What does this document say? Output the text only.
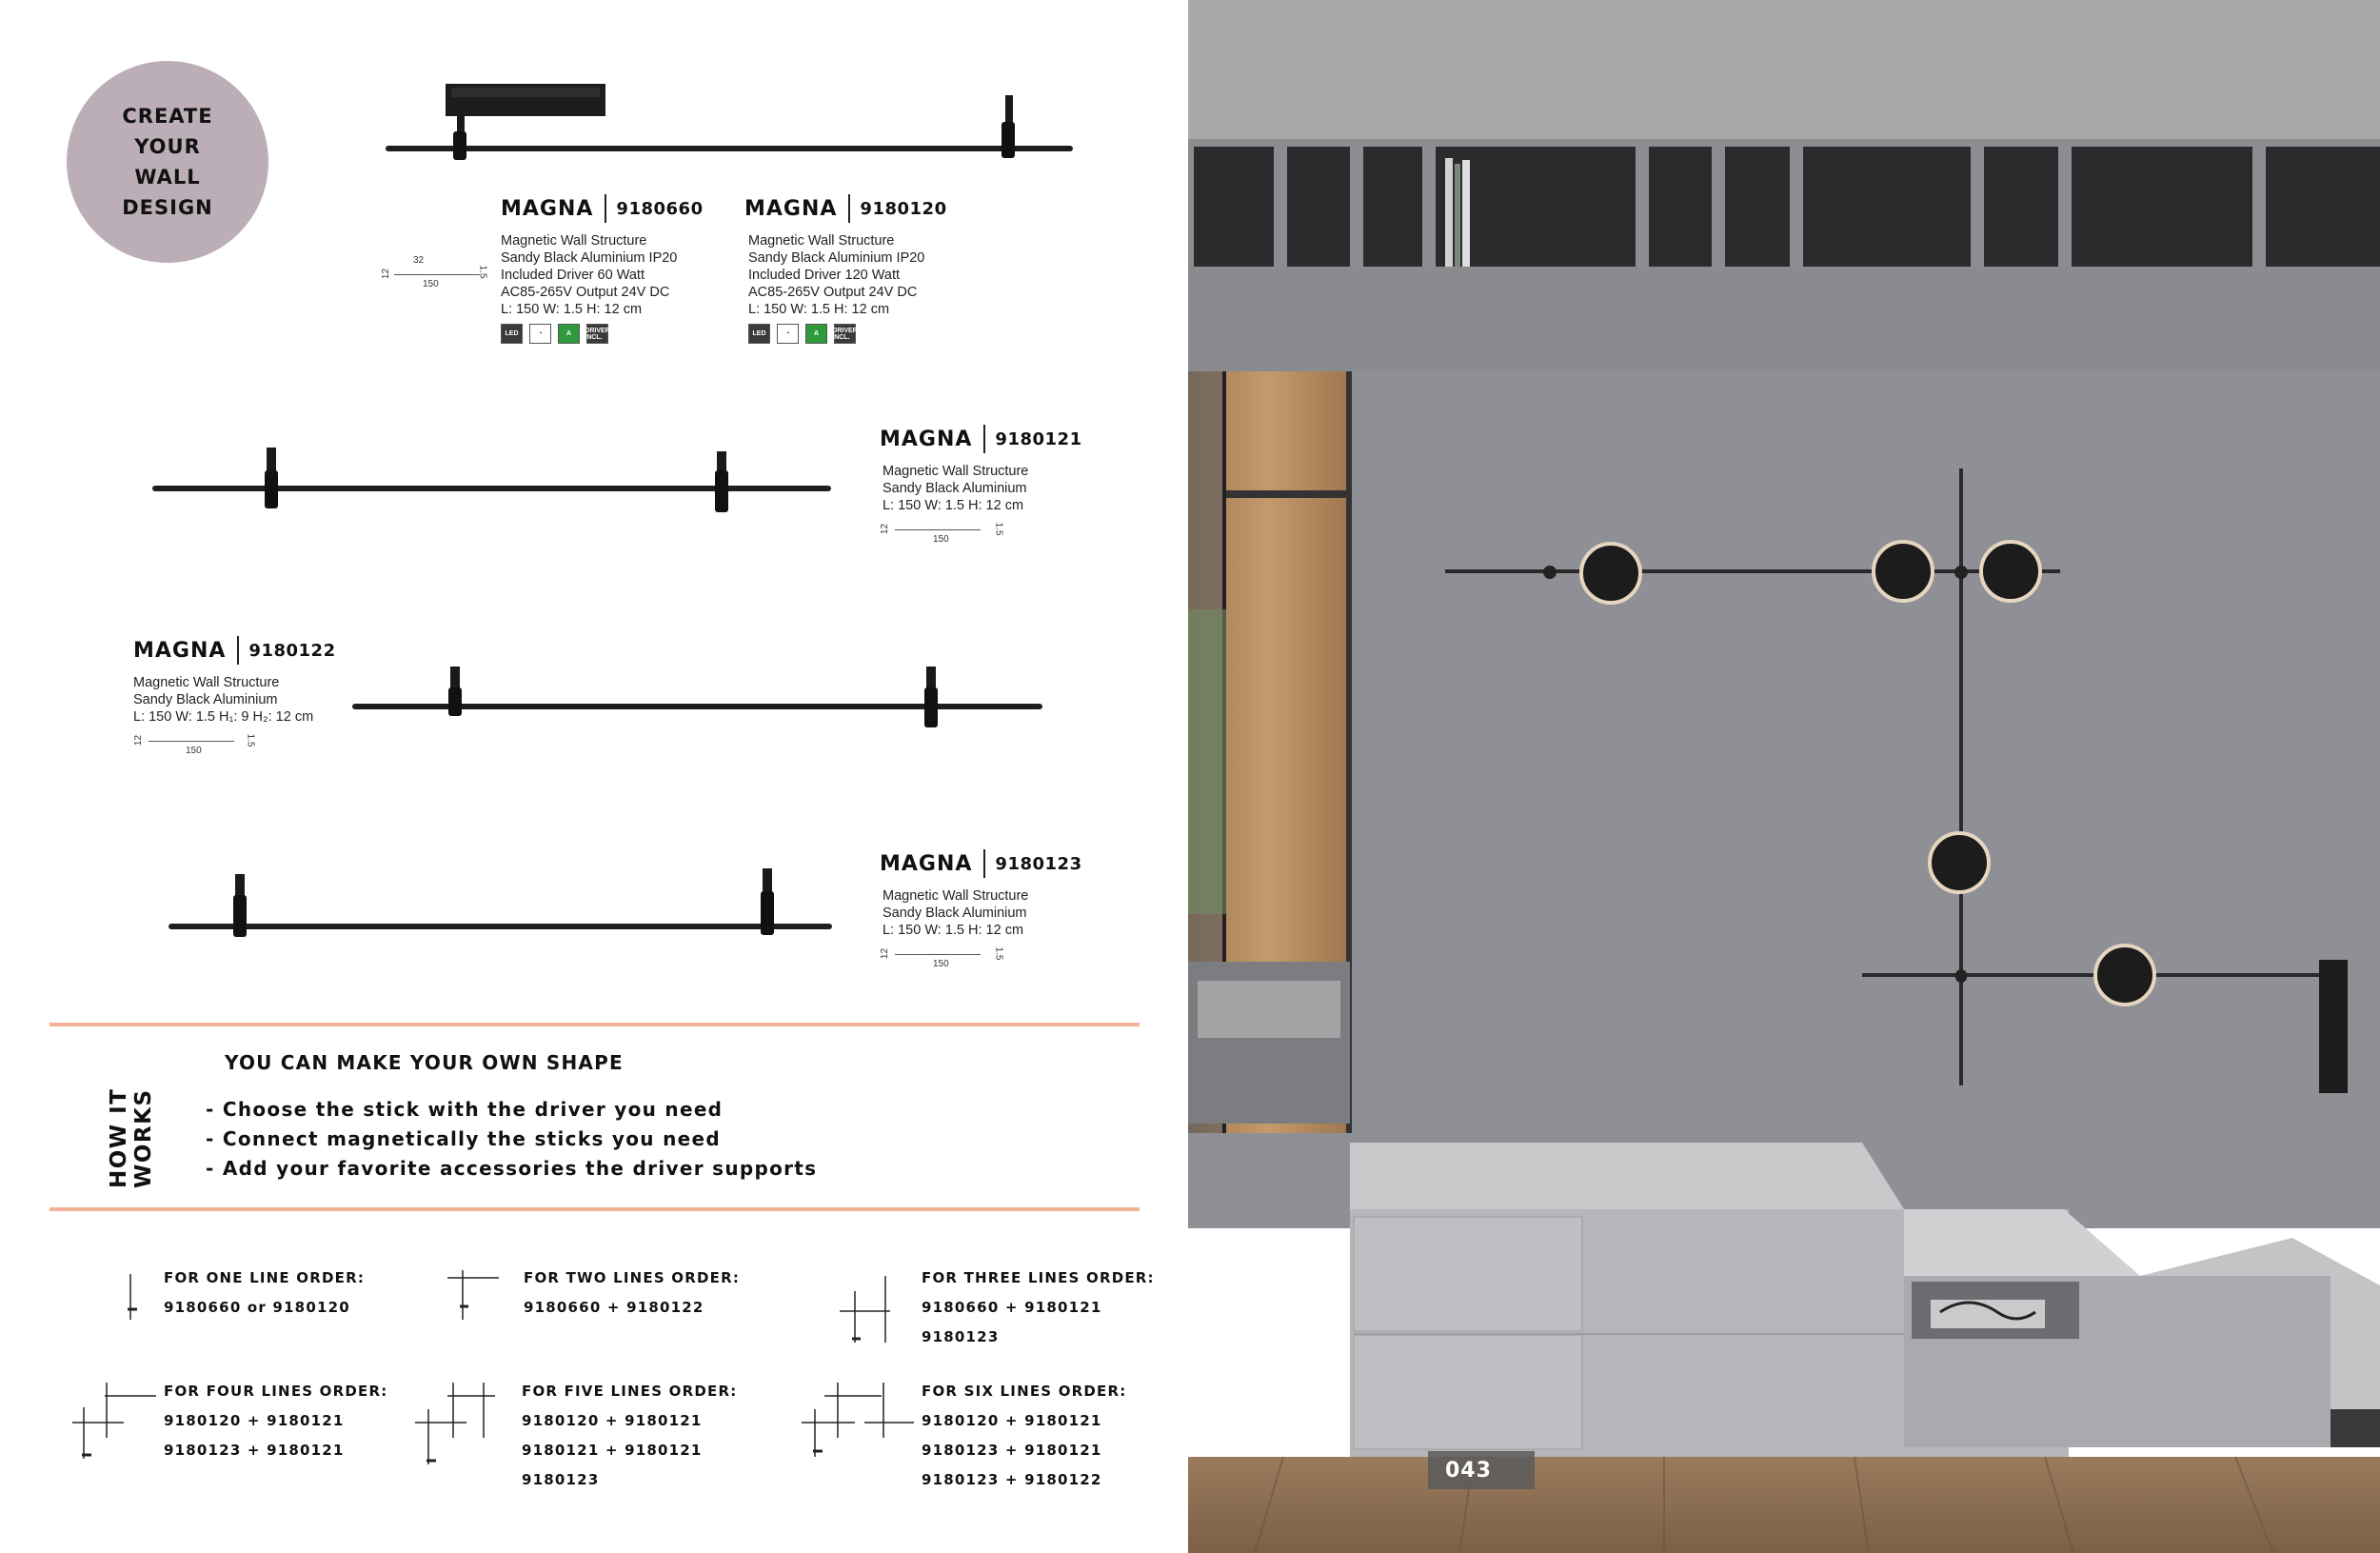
CREATE
YOUR
WALL
DESIGN	MAGNA 9180660
Magnetic Wall Structure
Sandy Black Aluminium IP20
Included Driver 60 Watt
AC85-265V Output 24V DC
L: 150 W: 1.5 H: 12 cm
LED	◔	A	DRIVER INCL.
MAGNA 9180120
Magnetic Wall Structure
Sandy Black Aluminium IP20
Included Driver 120 Watt
AC85-265V Output 24V DC
L: 150 W: 1.5 H: 12 cm
LED	◔	A	DRIVER INCL.
32
12
150
1.5
MAGNA 9180121
Magnetic Wall Structure
Sandy Black Aluminium
L: 150 W: 1.5 H: 12 cm
12
150
1.5
MAGNA 9180122
Magnetic Wall Structure
Sandy Black Aluminium
L: 150 W: 1.5 H₁: 9 H₂: 12 cm
12
150
1.5
MAGNA 9180123
Magnetic Wall Structure
Sandy Black Aluminium
L: 150 W: 1.5 H: 12 cm
12
150
1.5
HOW IT
WORKS
YOU CAN MAKE YOUR OWN SHAPE
- Choose the stick with the driver you need
- Connect magnetically the sticks you need
- Add your favorite accessories the driver supports
FOR ONE LINE ORDER:
9180660 or 9180120
FOR TWO LINES ORDER:
9180660 + 9180122
FOR THREE LINES ORDER:
9180660 + 9180121
9180123
FOR FOUR LINES ORDER:
9180120 + 9180121
9180123 + 9180121
FOR FIVE LINES ORDER:
9180120 + 9180121
9180121 + 9180121
9180123
FOR SIX LINES ORDER:
9180120 + 9180121
9180123 + 9180121
9180123 + 9180122	043
